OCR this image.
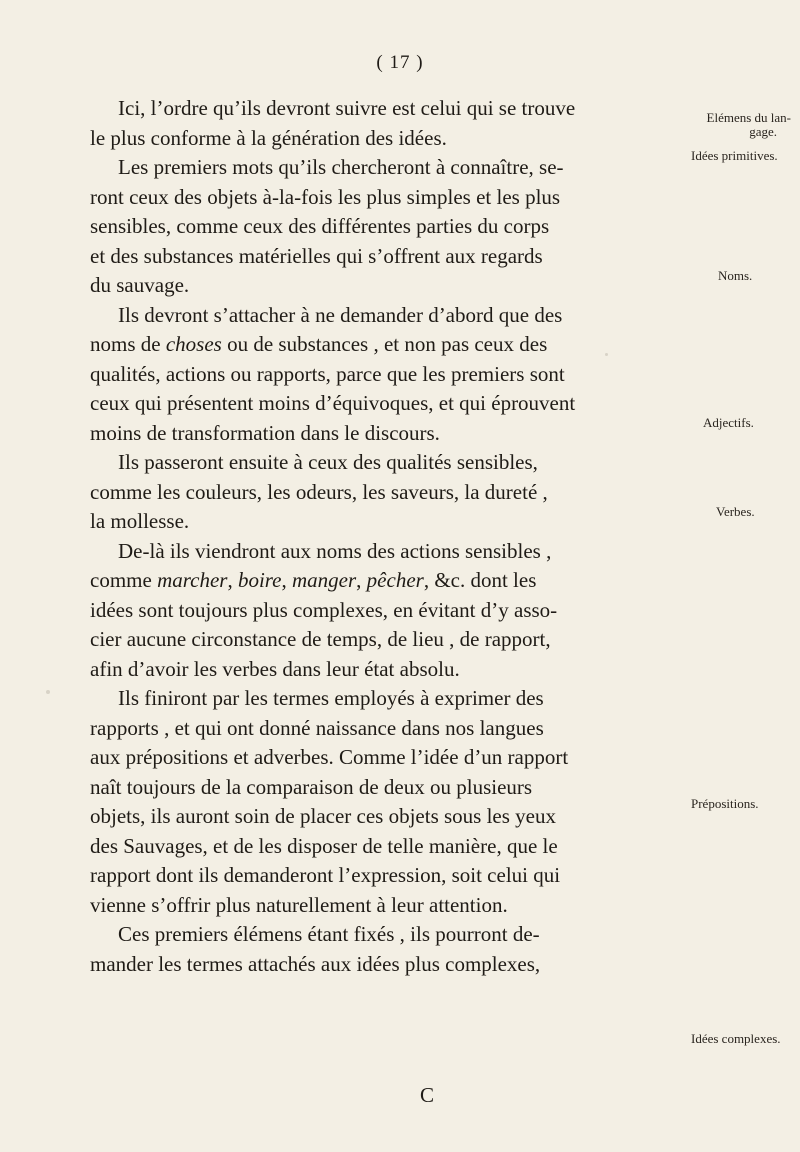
( 17 )
Ici, l’ordre qu’ils devront suivre est celui qui se trouve
le plus conforme à la génération des idées.
Les premiers mots qu’ils chercheront à connaître, se-
ront ceux des objets à-la-fois les plus simples et les plus
sensibles, comme ceux des différentes parties du corps
et des substances matérielles qui s’offrent aux regards
du sauvage.
Ils devront s’attacher à ne demander d’abord que des
noms de choses ou de substances , et non pas ceux des
qualités, actions ou rapports, parce que les premiers sont
ceux qui présentent moins d’équivoques, et qui éprouvent
moins de transformation dans le discours.
Ils passeront ensuite à ceux des qualités sensibles,
comme les couleurs, les odeurs, les saveurs, la dureté ,
la mollesse.
De-là ils viendront aux noms des actions sensibles ,
comme marcher, boire, manger, pêcher, &c. dont les
idées sont toujours plus complexes, en évitant d’y asso-
cier aucune circonstance de temps, de lieu , de rapport,
afin d’avoir les verbes dans leur état absolu.
Ils finiront par les termes employés à exprimer des
rapports , et qui ont donné naissance dans nos langues
aux prépositions et adverbes. Comme l’idée d’un rapport
naît toujours de la comparaison de deux ou plusieurs
objets, ils auront soin de placer ces objets sous les yeux
des Sauvages, et de les disposer de telle manière, que le
rapport dont ils demanderont l’expression, soit celui qui
vienne s’offrir plus naturellement à leur attention.
Ces premiers élémens étant fixés , ils pourront de-
mander les termes attachés aux idées plus complexes,
Elémens du lan-
gage.
Idées primitives.
Noms.
Adjectifs.
Verbes.
Prépositions.
Idées complexes.
C
